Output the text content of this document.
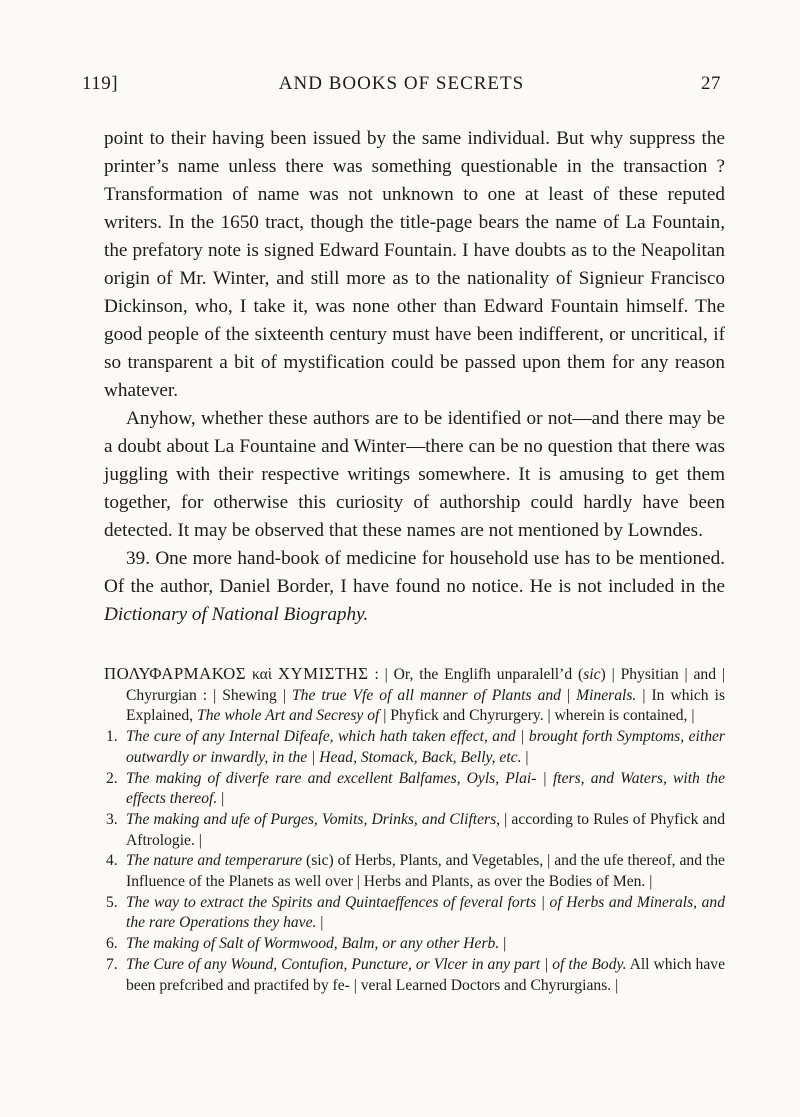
119]	AND BOOKS OF SECRETS	27

point to their having been issued by the same individual. But why suppress the printer’s name unless there was something questionable in the transaction ? Transformation of name was not unknown to one at least of these reputed writers. In the 1650 tract, though the title-page bears the name of La Fountain, the prefatory note is signed Edward Fountain. I have doubts as to the Neapolitan origin of Mr. Winter, and still more as to the nationality of Signieur Francisco Dickinson, who, I take it, was none other than Edward Fountain himself. The good people of the sixteenth century must have been indifferent, or uncritical, if so transparent a bit of mystification could be passed upon them for any reason whatever.

Anyhow, whether these authors are to be identified or not—and there may be a doubt about La Fountaine and Winter—there can be no question that there was juggling with their respective writings somewhere. It is amusing to get them together, for otherwise this curiosity of authorship could hardly have been detected. It may be observed that these names are not mentioned by Lowndes.

39. One more hand-book of medicine for household use has to be mentioned. Of the author, Daniel Border, I have found no notice. He is not included in the Dictionary of National Biography.

ΠΟΛΥΦΑΡΜΑΚΟΣ καὶ ΧΥΜΙΣΤΗΣ : | Or, the Englifh unparalell’d (sic) | Physitian | and | Chyrurgian : | Shewing | The true Vfe of all manner of Plants and | Minerals. | In which is Explained, The whole Art and Secresy of | Phyfick and Chyrurgery. | wherein is contained, |

1. The cure of any Internal Difeafe, which hath taken effect, and | brought forth Symptoms, either outwardly or inwardly, in the | Head, Stomack, Back, Belly, etc. |
2. The making of diverfe rare and excellent Balfames, Oyls, Plai- | fters, and Waters, with the effects thereof. |
3. The making and ufe of Purges, Vomits, Drinks, and Clifters, | according to Rules of Phyfick and Aftrologie. |
4. The nature and temperarure (sic) of Herbs, Plants, and Vegetables, | and the ufe thereof, and the Influence of the Planets as well over | Herbs and Plants, as over the Bodies of Men. |
5. The way to extract the Spirits and Quintaeffences of feveral forts | of Herbs and Minerals, and the rare Operations they have. |
6. The making of Salt of Wormwood, Balm, or any other Herb. |
7. The Cure of any Wound, Contufion, Puncture, or Vlcer in any part | of the Body. All which have been prefcribed and practifed by fe- | veral Learned Doctors and Chyrurgians. |
